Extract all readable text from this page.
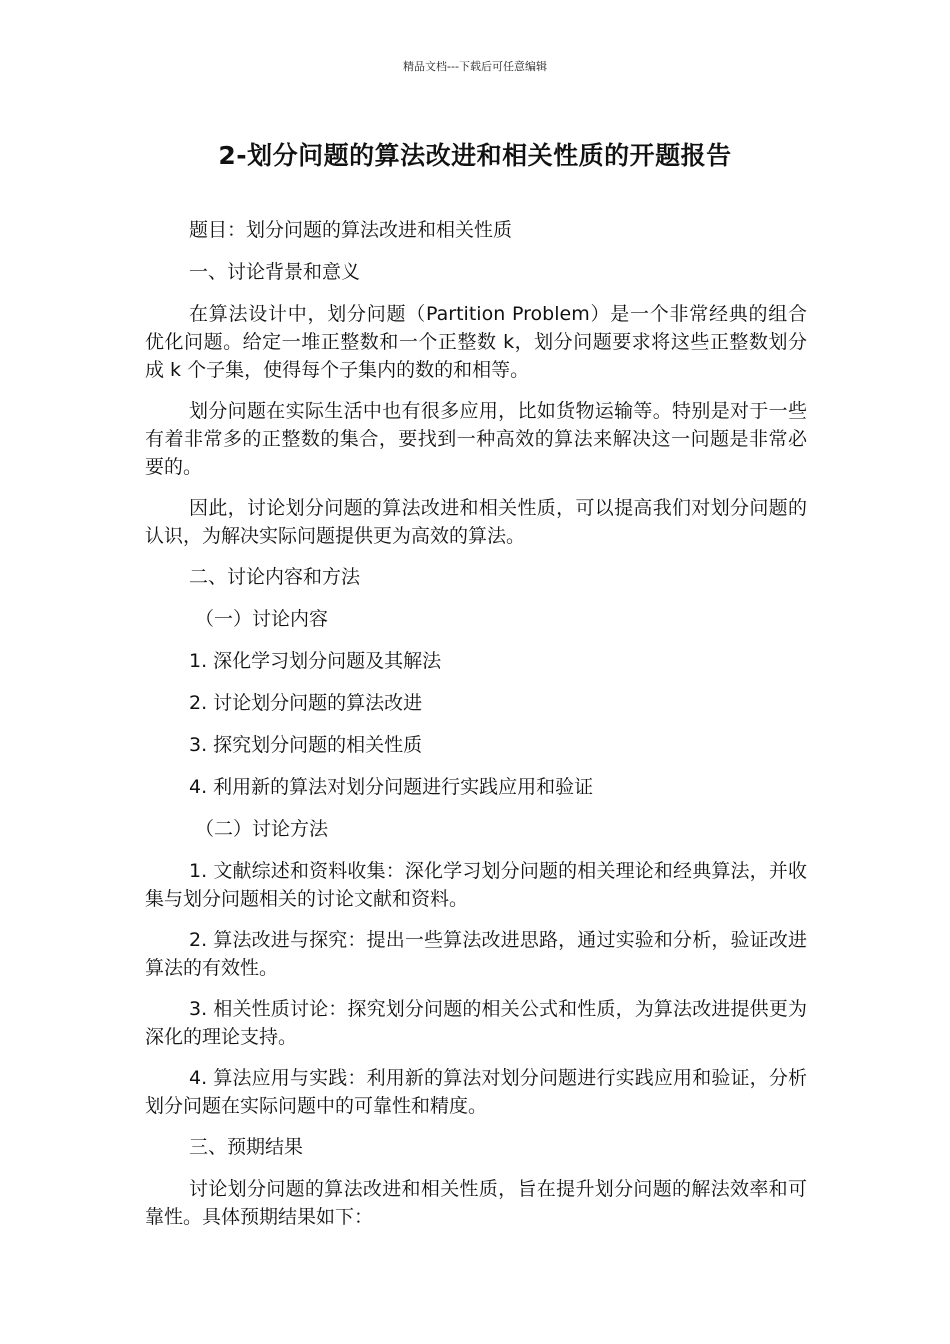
精品文档---下载后可任意编辑
2-划分问题的算法改进和相关性质的开题报告

题目：划分问题的算法改进和相关性质

一、讨论背景和意义

在算法设计中，划分问题（Partition Problem）是一个非常经典的组合优化问题。给定一堆正整数和一个正整数 k，划分问题要求将这些正整数划分成 k 个子集，使得每个子集内的数的和相等。

划分问题在实际生活中也有很多应用，比如货物运输等。特别是对于一些有着非常多的正整数的集合，要找到一种高效的算法来解决这一问题是非常必要的。

因此，讨论划分问题的算法改进和相关性质，可以提高我们对划分问题的认识，为解决实际问题提供更为高效的算法。

二、讨论内容和方法

（一）讨论内容

1. 深化学习划分问题及其解法

2. 讨论划分问题的算法改进

3. 探究划分问题的相关性质

4. 利用新的算法对划分问题进行实践应用和验证

（二）讨论方法

1. 文献综述和资料收集：深化学习划分问题的相关理论和经典算法，并收集与划分问题相关的讨论文献和资料。

2. 算法改进与探究：提出一些算法改进思路，通过实验和分析，验证改进算法的有效性。

3. 相关性质讨论：探究划分问题的相关公式和性质，为算法改进提供更为深化的理论支持。

4. 算法应用与实践：利用新的算法对划分问题进行实践应用和验证，分析划分问题在实际问题中的可靠性和精度。

三、预期结果

讨论划分问题的算法改进和相关性质，旨在提升划分问题的解法效率和可靠性。具体预期结果如下：
